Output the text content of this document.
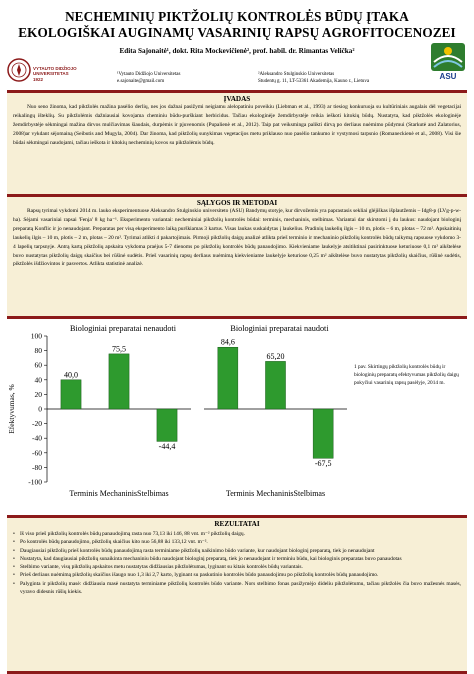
NECHEMINIŲ PIKTŽOLIŲ KONTROLĖS BŪDŲ ĮTAKA
EKOLOGIŠKAI AUGINAMŲ VASARINIŲ RAPSŲ AGROFITOCENOZEI
Edita Sajonaitė¹, dokt. Rita Mockevičienė², prof. habil. dr. Rimantas Velička²
VYTAUTO DIDŽIOJO
UNIVERSITETAS
1922	ASU
¹Vytauto Didžiojo Universitetas
e.sajonaite@gmail.com
²Aleksandro Stulginskio Universitetas
Studentų g. 11, LT-53361 Akademija, Kauno r., Lietuva
ĮVADAS

Nuo seno žinoma, kad piktžolės mažina pasėlio derlių, nes jos dažnai pasižymi neigiamu alelopatiniu poveikiu (Liebman et al., 1993) ar tiesiog konkuruoja su kultūriniais augalais dėl vegetacijai reikalingų išteklių. Su piktžolėmis dažniausiai kovojama cheminiu būdu-purškiant herbicidus. Tačiau ekologinėje žemdirbystėje reikia ieškoti kitokių būdų. Nustatyta, kad piktžolės ekologinėje žemdirbystėje sėkmingai mažina dirvos mulčiavimas šiaudais, durpėmis ir pjuvenomis (Pupalienė et al., 2012). Taip pat veiksminga palikti dirvą po derliaus nuėmimo pūdymui (Starkutė and Zalatorius, 2008)ar vykdant sėjomainą (Seibutis and Mugyla, 2004). Dar žinoma, kad piktžolių sunykimas vegetacijos metu priklauso nuo pasėlio tankumo ir vystymosi tarpsnio (Romaneckienė et al., 2008). Visi šie būdai sėkmingai naudojami, tačiau ieškota ir kitokių necheminių kovos su piktžolėmis būdų.

SĄLYGOS IR METODAI

Rapsų tyrimai vykdomi 2014 m. lauko eksperimentuose Aleksandro Stulginskio universiteto (ASU) Bandymų stotyje, kur dirvožemis yra paprastasis sekliai glėjiškas išplautžemis – Idg8-p (LVg-p-w-ha). Sėjami vasariniai rapsai 'Fenja' 8 kg ha⁻¹. Eksperimento variantai: necheminiai piktžolių kontrolės būdai: terminis, mechaninis, stelbimas. Variantai dar skirstomi į du laukus: naudojant biologinį preparatą Konflic ir jo nenaudojant. Preparatas per visą eksperimento laiką purškiamas 3 kartus. Visas laukas suskaidytas į laukelius. Pradinių laukelių ilgis – 10 m, plotis – 6 m, plotas – 72 m². Apskaitinių laukelių ilgis – 10 m, plotis – 2 m, plotas – 20 m². Tyrimai atlikti 4 pakartojimais. Pirmoji piktžolių daigų analizė atlikta prieš terminio ir mechaninio piktžolių kontrolės būdų taikymą rapsuose vykdomo 3-4 lapelių tarpsnyje. Antrą kartą piktžolių apskaita vykdoma praėjus 5-7 dienoms po piktžolių kontrolės būdų panaudojimo. Kiekvieniame laukelyje atsitiktinai pasirinktuose keturiuose 0,1 m² aikštelėse buvo nustatytas piktžolių daigų skaičius bei rūšinė sudėtis. Prieš vasarinių rapsų derliaus nuėmimą kiekvieniame laukelyje keturiose 0,25 m² aikštelėse buvo nustatytas piktžolių skaičius, rūšinė sudėtis, piktžolės išdžiovintos ir pasvertos. Atlikta statistinė analizė.

Efektyvumas, %
100
80
60
40
20
0
-20
-40
-60
-80
-100
Biologiniai preparatai nenaudoti
40,0
75,5
-44,4
Terminis MechaninisStelbimas
Biologiniai preparatai naudoti
84,6
65,20
-67,5
Terminis MechaninisStelbimas
1 pav. Skirtingų piktžolių kontrolės būdų ir biologinių preparatų efektyvumas piktžolių daigų pokyčiui vasarinių rapsų pasėlyje, 2014 m.
REZULTATAI
• Iš viso prieš piktžolių kontrolės būdų panaudojimą rasta nuo 73,13 iki 146, 88 vnt. m⁻² piktžolių daigų.
• Po kontrolės būdų panaudojimo, piktžolių skaičius kito nuo 56,88 iki 133,12 vnt. m⁻².
• Daugiausiai piktžolių prieš kontrolės būdų panaudojimą rasta terminiame piktžolių naikinimo būdo variante, kur naudojant biologinį preparatą, tiek jo nenaudojant
• Nustatyta, kad daugiausiai piktžolių sunaikinta mechaniniu būdu naudojant biologinį preparatą, tiek jo nenaudojant ir terminiu būdu, kai biologinis preparatas buvo panaudotas
• Stelbimo variante, visų piktžolių apskaitos metu nustatytas didžiausias piktžolėtumas, lyginant su kitais kontrolės būdų variantais.
• Prieš derliaus nuėmimą piktžolių skaičius išaugo nuo 1,3 iki 2,7 karto, lyginant su paskutinio kontrolės būdo panaudojimu po piktžolių kontrolės būdų panaudojimo.
• Palyginta ir piktžolių masė: didžiausia masė nustatyta terminiame piktžolių kontrolės būdo variante. Nors stelbimo fonas pasižymėjo dideliu piktžolėtumu, tačiau piktžolės čia buvo mažesnės masės, vyravo didesnis rūšių kiekis.
